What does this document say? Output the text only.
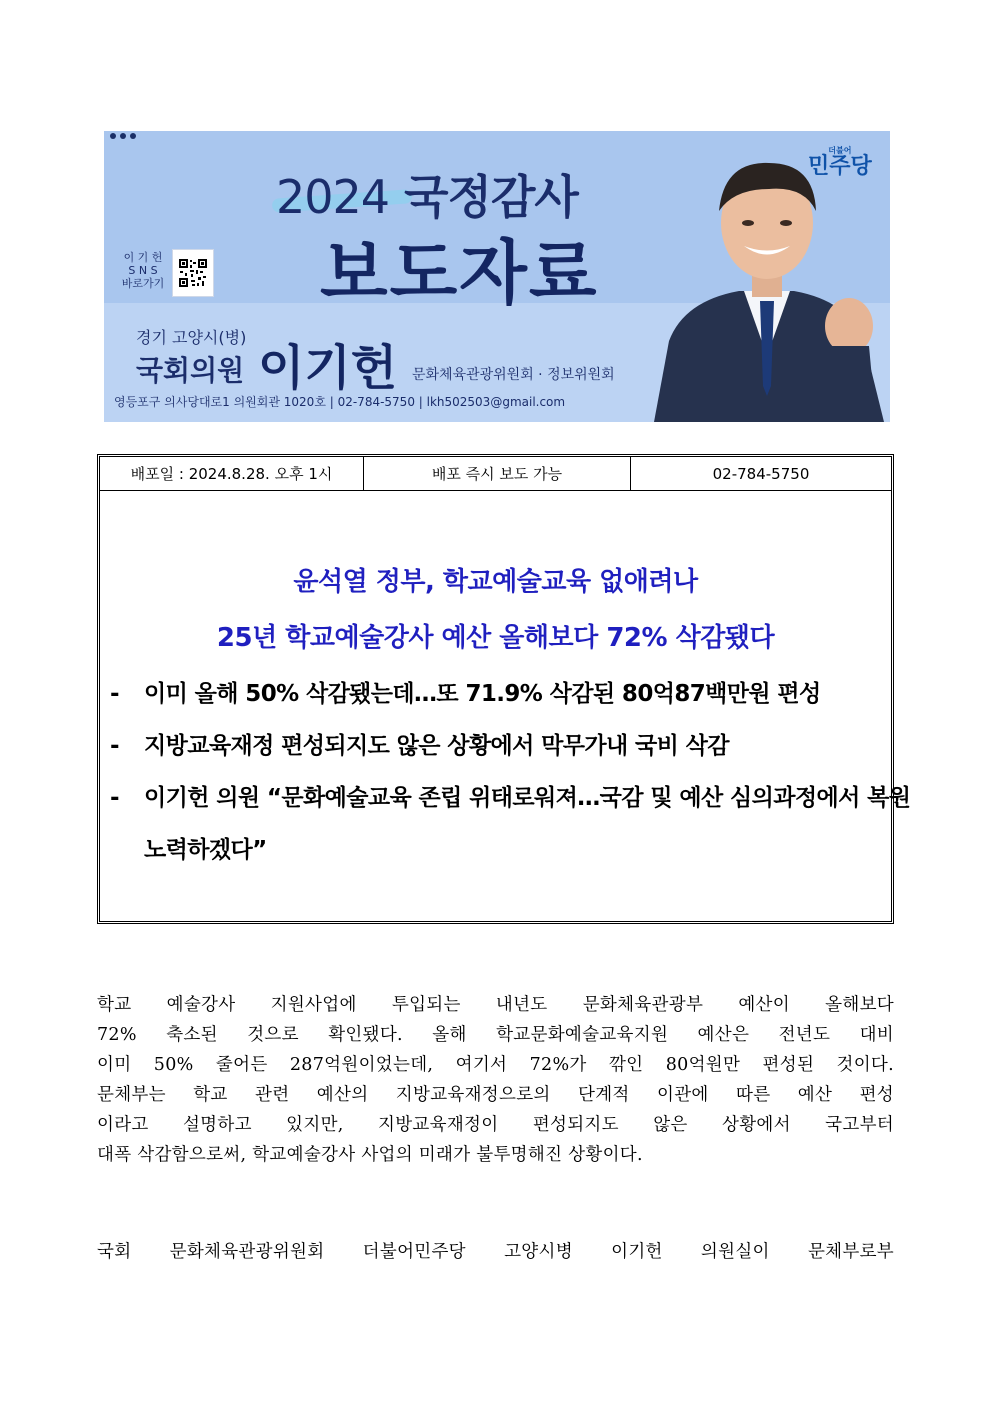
2024 국정감사
보도자료
이 기 헌
S N S
바로가기
경기 고양시(병)
국회의원 이기헌 문화체육관광위원회 · 정보위원회
영등포구 의사당대로1 의원회관 1020호 | 02-784-5750 | lkh502503@gmail.com
더불어
민주당
배포일 : 2024.8.28. 오후 1시	배포 즉시 보도 가능	02-784-5750
윤석열 정부, 학교예술교육 없애려나
25년 학교예술강사 예산 올해보다 72% 삭감됐다
- 이미 올해 50% 삭감됐는데…또 71.9% 삭감된 80억87백만원 편성
- 지방교육재정 편성되지도 않은 상황에서 막무가내 국비 삭감
- 이기헌 의원 “문화예술교육 존립 위태로워져…국감 및 예산 심의과정에서 복원
노력하겠다”
학교 예술강사 지원사업에 투입되는 내년도 문화체육관광부 예산이 올해보다
72% 축소된 것으로 확인됐다. 올해 학교문화예술교육지원 예산은 전년도 대비
이미 50% 줄어든 287억원이었는데, 여기서 72%가 깎인 80억원만 편성된 것이다.
문체부는 학교 관련 예산의 지방교육재정으로의 단계적 이관에 따른 예산 편성
이라고 설명하고 있지만, 지방교육재정이 편성되지도 않은 상황에서 국고부터
대폭 삭감함으로써, 학교예술강사 사업의 미래가 불투명해진 상황이다.
국회 문화체육관광위원회 더불어민주당 고양시병 이기헌 의원실이 문체부로부
